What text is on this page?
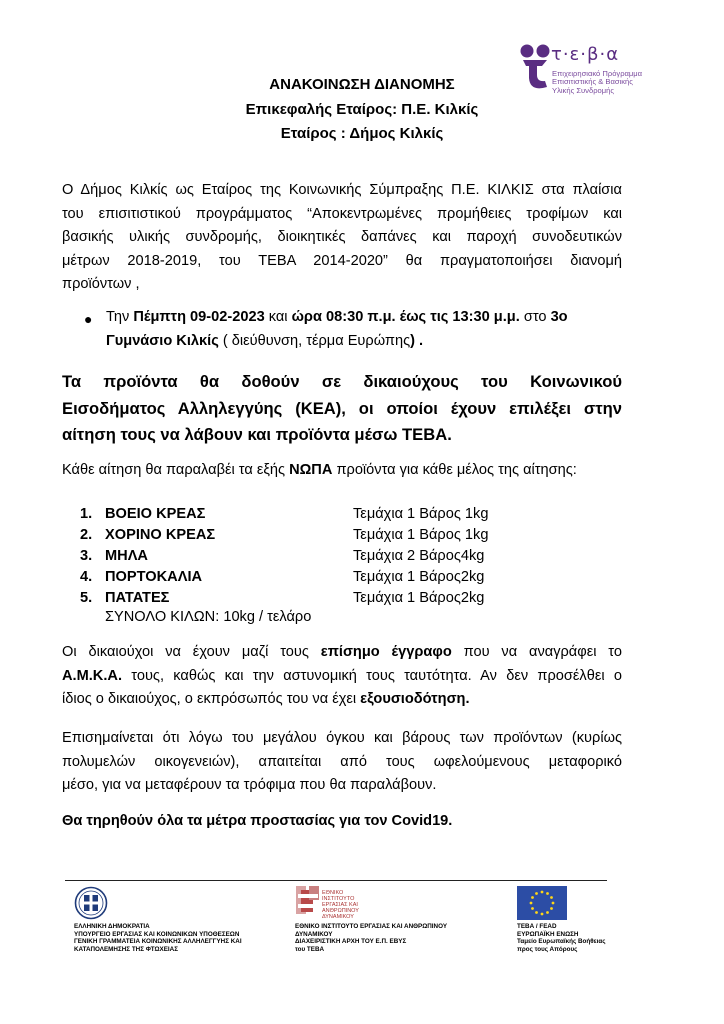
τ·ε·β·α
Επιχειρησιακό Πρόγραμμα
Επισιτιστικής & Βασικής
Υλικής Συνδρομής
ΑΝΑΚΟΙΝΩΣΗ ΔΙΑΝΟΜΗΣ
Επικεφαλής Εταίρος: Π.Ε. Κιλκίς
Εταίρος : Δήμος Κιλκίς
Ο Δήμος Κιλκίς ως Εταίρος της Κοινωνικής Σύμπραξης Π.Ε. ΚΙΛΚΙΣ στα πλαίσια
του επισιτιστικού προγράμματος “Αποκεντρωμένες προμήθειες τροφίμων και
βασικής υλικής συνδρομής, διοικητικές δαπάνες και παροχή συνοδευτικών
μέτρων 2018-2019, του ΤΕΒΑ 2014-2020” θα πραγματοποιήσει διανομή
προϊόντων ,
● Την Πέμπτη 09-02-2023 και ώρα 08:30 π.μ. έως τις 13:30 μ.μ. στο 3ο
Γυμνάσιο Κιλκίς ( διεύθυνση, τέρμα Ευρώπης) .
Τα προϊόντα θα δοθούν σε δικαιούχους του Κοινωνικού
Εισοδήματος Αλληλεγγύης (ΚΕΑ), οι οποίοι έχουν επιλέξει στην
αίτηση τους να λάβουν και προϊόντα μέσω ΤΕΒΑ.
Κάθε αίτηση θα παραλαβέι τα εξής ΝΩΠΑ προϊόντα για κάθε μέλος της αίτησης:
1. ΒΟΕΙΟ ΚΡΕΑΣ	Τεμάχια 1 Βάρος 1kg
2. ΧΟΡΙΝΟ ΚΡΕΑΣ	Τεμάχια 1 Βάρος 1kg
3. ΜΗΛΑ	Τεμάχια 2 Βάρος4kg
4. ΠΟΡΤΟΚΑΛΙΑ	Τεμάχια 1 Βάρος2kg
5. ΠΑΤΑΤΕΣ	Τεμάχια 1 Βάρος2kg
ΣΥΝΟΛΟ ΚΙΛΩΝ: 10kg / τελάρο
Οι δικαιούχοι να έχουν μαζί τους επίσημο έγγραφο που να αναγράφει το
Α.Μ.Κ.Α. τους, καθώς και την αστυνομική τους ταυτότητα. Αν δεν προσέλθει ο
ίδιος ο δικαιούχος, ο εκπρόσωπός του να έχει εξουσιοδότηση.
Επισημαίνεται ότι λόγω του μεγάλου όγκου και βάρους των προϊόντων (κυρίως
πολυμελών οικογενειών), απαιτείται από τους ωφελούμενους μεταφορικό
μέσο, για να μεταφέρουν τα τρόφιμα που θα παραλάβουν.
Θα τηρηθούν όλα τα μέτρα προστασίας για τον Covid19.
ΕΛΛΗΝΙΚΗ ΔΗΜΟΚΡΑΤΙΑ
ΥΠΟΥΡΓΕΙΟ ΕΡΓΑΣΙΑΣ ΚΑΙ ΚΟΙΝΩΝΙΚΩΝ ΥΠΟΘΕΣΕΩΝ
ΓΕΝΙΚΗ ΓΡΑΜΜΑΤΕΙΑ ΚΟΙΝΩΝΙΚΗΣ ΑΛΛΗΛΕΓΓΥΗΣ ΚΑΙ
ΚΑΤΑΠΟΛΕΜΗΣΗΣ ΤΗΣ ΦΤΩΧΕΙΑΣ
ΕΘΝΙΚΟ
ΙΝΣΤΙΤΟΥΤΟ
ΕΡΓΑΣΙΑΣ ΚΑΙ
ΑΝΘΡΩΠΙΝΟΥ
ΔΥΝΑΜΙΚΟΥ
ΕΘΝΙΚΟ ΙΝΣΤΙΤΟΥΤΟ ΕΡΓΑΣΙΑΣ ΚΑΙ ΑΝΘΡΩΠΙΝΟΥ
ΔΥΝΑΜΙΚΟΥ
ΔΙΑΧΕΙΡΙΣΤΙΚΗ ΑΡΧΗ ΤΟΥ Ε.Π. ΕΒΥΣ
του ΤΕΒΑ
ΤΕΒΑ / FEAD
ΕΥΡΩΠΑΪΚΗ ΕΝΩΣΗ
Ταμείο Ευρωπαϊκής Βοήθειας
προς τους Απόρους
